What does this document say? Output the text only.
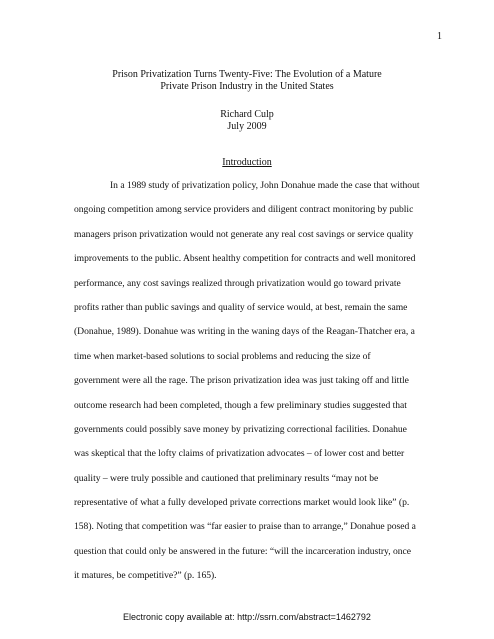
1
Prison Privatization Turns Twenty-Five: The Evolution of a Mature
Private Prison Industry in the United States
Richard Culp
July 2009
Introduction
In a 1989 study of privatization policy, John Donahue made the case that without
ongoing competition among service providers and diligent contract monitoring by public
managers prison privatization would not generate any real cost savings or service quality
improvements to the public. Absent healthy competition for contracts and well monitored
performance, any cost savings realized through privatization would go toward private
profits rather than public savings and quality of service would, at best, remain the same
(Donahue, 1989). Donahue was writing in the waning days of the Reagan-Thatcher era, a
time when market-based solutions to social problems and reducing the size of
government were all the rage. The prison privatization idea was just taking off and little
outcome research had been completed, though a few preliminary studies suggested that
governments could possibly save money by privatizing correctional facilities. Donahue
was skeptical that the lofty claims of privatization advocates – of lower cost and better
quality – were truly possible and cautioned that preliminary results “may not be
representative of what a fully developed private corrections market would look like” (p.
158). Noting that competition was “far easier to praise than to arrange,” Donahue posed a
question that could only be answered in the future: “will the incarceration industry, once
it matures, be competitive?” (p. 165).
Electronic copy available at: http://ssrn.com/abstract=1462792
